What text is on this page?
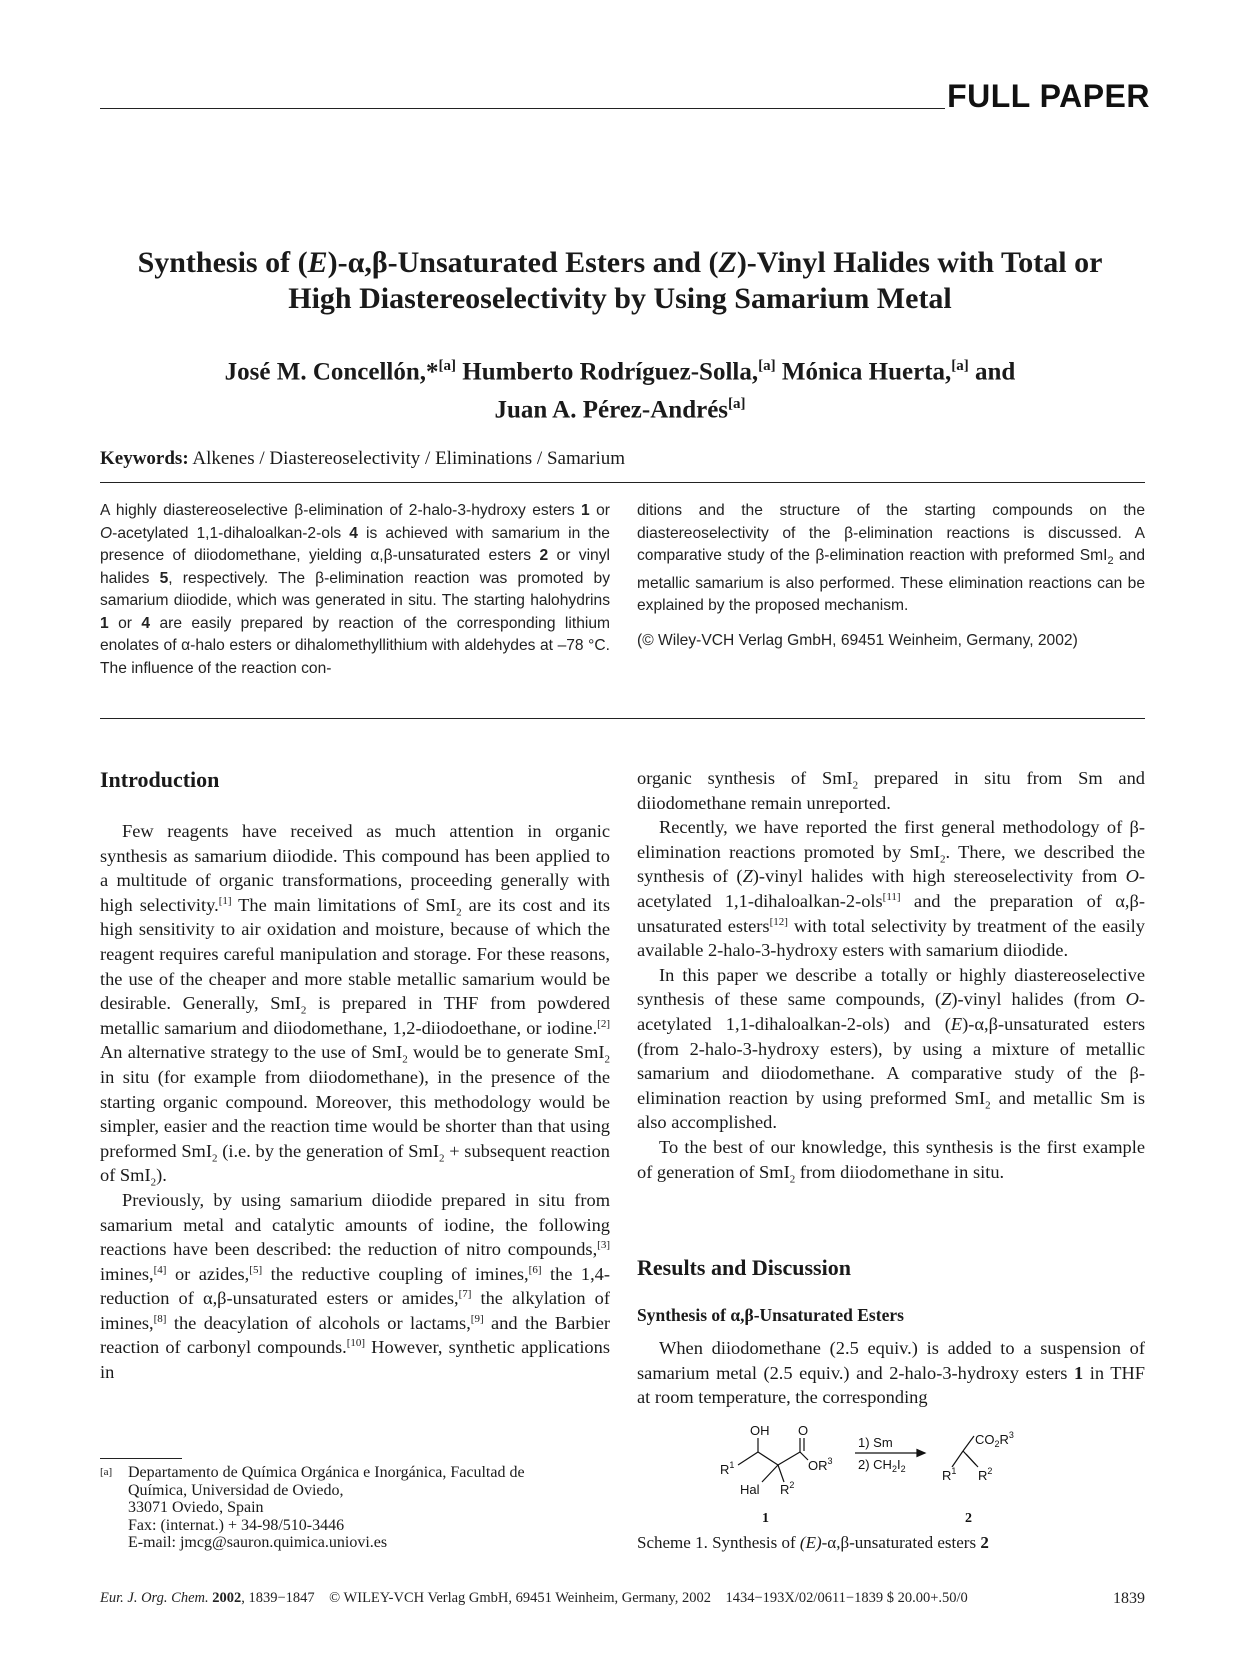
FULL PAPER
Synthesis of (E)-α,β-Unsaturated Esters and (Z)-Vinyl Halides with Total or
High Diastereoselectivity by Using Samarium Metal
José M. Concellón,*[a] Humberto Rodríguez-Solla,[a] Mónica Huerta,[a] and
Juan A. Pérez-Andrés[a]
Keywords: Alkenes / Diastereoselectivity / Eliminations / Samarium
A highly diastereoselective β-elimination of 2-halo-3-hydroxy esters 1 or O-acetylated 1,1-dihaloalkan-2-ols 4 is achieved with samarium in the presence of diiodomethane, yielding α,β-unsaturated esters 2 or vinyl halides 5, respectively. The β-elimination reaction was promoted by samarium diiodide, which was generated in situ. The starting halohydrins 1 or 4 are easily prepared by reaction of the corresponding lithium enolates of α-halo esters or dihalomethyllithium with aldehydes at –78 °C. The influence of the reaction con-

ditions and the structure of the starting compounds on the diastereoselectivity of the β-elimination reactions is discussed. A comparative study of the β-elimination reaction with preformed SmI$_2$ and metallic samarium is also performed. These elimination reactions can be explained by the proposed mechanism.

(© Wiley-VCH Verlag GmbH, 69451 Weinheim, Germany, 2002)

Introduction

Few reagents have received as much attention in organic synthesis as samarium diiodide. This compound has been applied to a multitude of organic transformations, proceeding generally with high selectivity.[1] The main limitations of SmI$_2$ are its cost and its high sensitivity to air oxidation and moisture, because of which the reagent requires careful manipulation and storage. For these reasons, the use of the cheaper and more stable metallic samarium would be desirable. Generally, SmI$_2$ is prepared in THF from powdered metallic samarium and diiodomethane, 1,2-diiodoethane, or iodine.[2] An alternative strategy to the use of SmI$_2$ would be to generate SmI$_2$ in situ (for example from diiodomethane), in the presence of the starting organic compound. Moreover, this methodology would be simpler, easier and the reaction time would be shorter than that using preformed SmI$_2$ (i.e. by the generation of SmI$_2$ + subsequent reaction of SmI$_2$).

Previously, by using samarium diiodide prepared in situ from samarium metal and catalytic amounts of iodine, the following reactions have been described: the reduction of nitro compounds,[3] imines,[4] or azides,[5] the reductive coupling of imines,[6] the 1,4-reduction of α,β-unsaturated esters or amides,[7] the alkylation of imines,[8] the deacylation of alcohols or lactams,[9] and the Barbier reaction of carbonyl compounds.[10] However, synthetic applications in

organic synthesis of SmI$_2$ prepared in situ from Sm and diiodomethane remain unreported.

Recently, we have reported the first general methodology of β-elimination reactions promoted by SmI$_2$. There, we described the synthesis of (Z)-vinyl halides with high stereoselectivity from O-acetylated 1,1-dihaloalkan-2-ols[11] and the preparation of α,β-unsaturated esters[12] with total selectivity by treatment of the easily available 2-halo-3-hydroxy esters with samarium diiodide.

In this paper we describe a totally or highly diastereoselective synthesis of these same compounds, (Z)-vinyl halides (from O-acetylated 1,1-dihaloalkan-2-ols) and (E)-α,β-unsaturated esters (from 2-halo-3-hydroxy esters), by using a mixture of metallic samarium and diiodomethane. A comparative study of the β-elimination reaction by using preformed SmI$_2$ and metallic Sm is also accomplished.

To the best of our knowledge, this synthesis is the first example of generation of SmI$_2$ from diiodomethane in situ.

Results and Discussion
Synthesis of α,β-Unsaturated Esters

When diiodomethane (2.5 equiv.) is added to a suspension of samarium metal (2.5 equiv.) and 2-halo-3-hydroxy esters 1 in THF at room temperature, the corresponding

OH O
$R^1$
Hal $R^2$
$OR^3$
1
1) Sm
2) $CH_2I_2$
$CO_2R^3$
$R^1$ $R^2$
2
Scheme 1. Synthesis of (E)-α,β-unsaturated esters 2
[a] Departamento de Química Orgánica e Inorgánica, Facultad de
Química, Universidad de Oviedo,
33071 Oviedo, Spain
Fax: (internat.) + 34-98/510-3446
E-mail: jmcg@sauron.quimica.uniovi.es
Eur. J. Org. Chem. 2002, 1839−1847 © WILEY-VCH Verlag GmbH, 69451 Weinheim, Germany, 2002 1434−193X/02/0611−1839 $ 20.00+.50/0	1839
